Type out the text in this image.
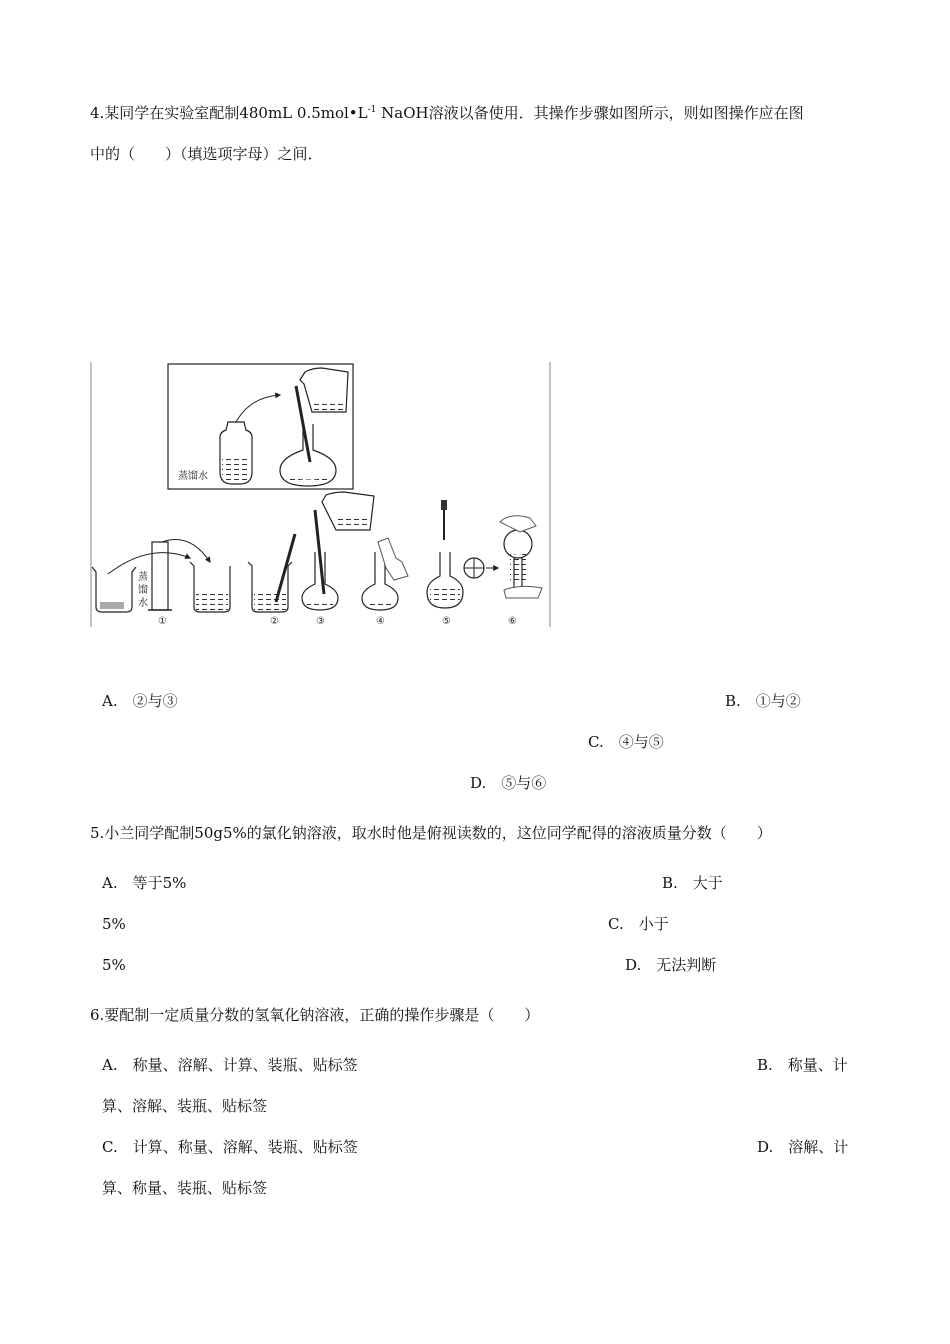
4.某同学在实验室配制480mL $0.5mol•L^{-1}$ NaOH溶液以备使用．其操作步骤如图所示，则如图操作应在图
中的（　　）（填选项字母）之间．
蒸馏水
蒸
馏
水
①	②	③	④	⑤	⑥
A.　②与③	B.　①与②
C.　④与⑤
D.　⑤与⑥
5.小兰同学配制50g5%的氯化钠溶液，取水时他是俯视读数的，这位同学配得的溶液质量分数（　　）
A.　等于5%	B.　大于
5%	C.　小于
5%	D.　无法判断
6.要配制一定质量分数的氢氧化钠溶液，正确的操作步骤是（　　）
A.　称量、溶解、计算、装瓶、贴标签	B.　称量、计
算、溶解、装瓶、贴标签
C.　计算、称量、溶解、装瓶、贴标签	D.　溶解、计
算、称量、装瓶、贴标签
